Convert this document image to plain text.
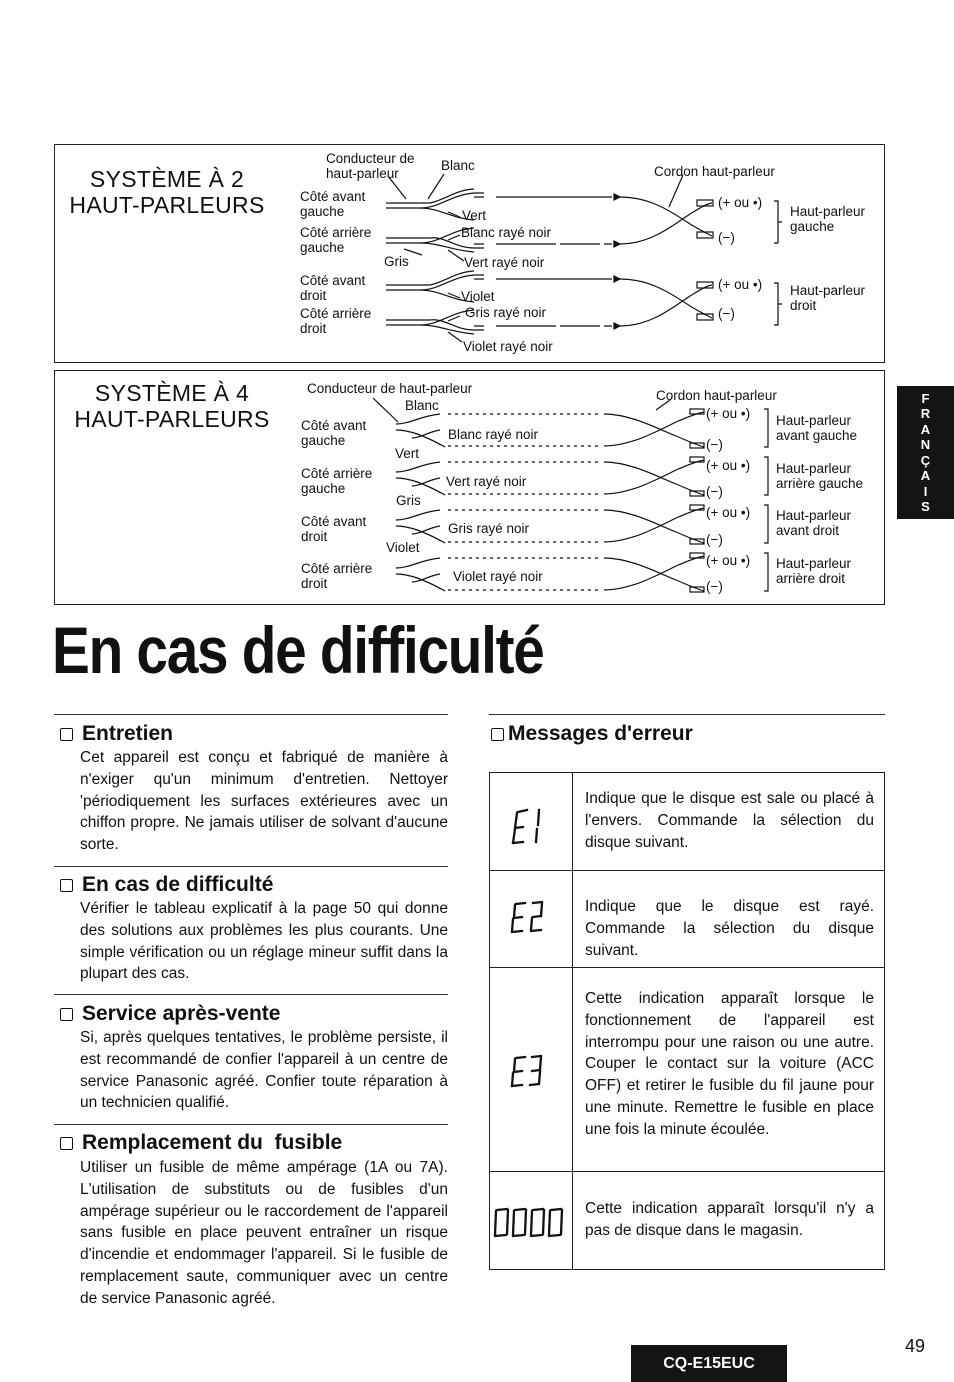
SYSTÈME À 2
HAUT-PARLEURS
Conducteur de
haut-parleur
Blanc	Cordon haut-parleur
Côté avant
gauche	Vert
Côté arrière
gauche
Blanc rayé noir
Gris	Vert rayé noir
Côté avant
droit	Violet
Côté arrière
droit
Gris rayé noir
Violet rayé noir
(+ ou •)
(−)
Haut-parleur
gauche
(+ ou •)
(−)
Haut-parleur
droit
SYSTÈME À 4
HAUT-PARLEURS
Conducteur de haut-parleur	Cordon haut-parleur
Blanc
Côté avant
gauche	Blanc rayé noir
Vert
Côté arrière
gauche	Vert rayé noir
Gris
Côté avant
droit
Gris rayé noir
Violet
Côté arrière
droit	Violet rayé noir
(+ ou •)
(−)
Haut-parleur
avant gauche
(+ ou •)
(−)
Haut-parleur
arrière gauche
(+ ou •)
(−)
Haut-parleur
avant droit
(+ ou •)
(−)
Haut-parleur
arrière droit
F
R
A
N
Ç
A
I
S
En cas de difficulté
Entretien
Cet appareil est conçu et fabriqué de manière à n'exiger qu'un minimum d'entretien. Nettoyer 'périodiquement les surfaces extérieures avec un chiffon propre. Ne jamais utiliser de solvant d'aucune sorte.
En cas de difficulté
Vérifier le tableau explicatif à la page 50 qui donne des solutions aux problèmes les plus courants. Une simple vérification ou un réglage mineur suffit dans la plupart des cas.
Service après-vente
Si, après quelques tentatives, le problème persiste, il est recommandé de confier l'appareil à un centre de service Panasonic agréé. Confier toute réparation à un technicien qualifié.
Remplacement du  fusible
Utiliser un fusible de même ampérage (1A ou 7A). L'utilisation de substituts ou de fusibles d'un ampérage supérieur ou le raccordement de l'appareil sans fusible en place peuvent entraîner un risque d'incendie et endommager l'appareil. Si le fusible de remplacement saute, communiquer avec un centre de service Panasonic agréé.
Messages d'erreur
E 1
Indique que le disque est sale ou placé à l'envers. Commande la sélection du disque suivant.
E 2
Indique que le disque est rayé. Commande la sélection du disque suivant.
E 3
Cette indication apparaît lorsque le fonctionnement de l'appareil est interrompu pour une raison ou une autre. Couper le contact sur la voiture (ACC OFF) et retirer le fusible du fil jaune pour une minute. Remettre le fusible en place une fois la minute écoulée.
0000
Cette indication apparaît lorsqu'il n'y a pas de disque dans le magasin.
CQ-E15EUC
49
